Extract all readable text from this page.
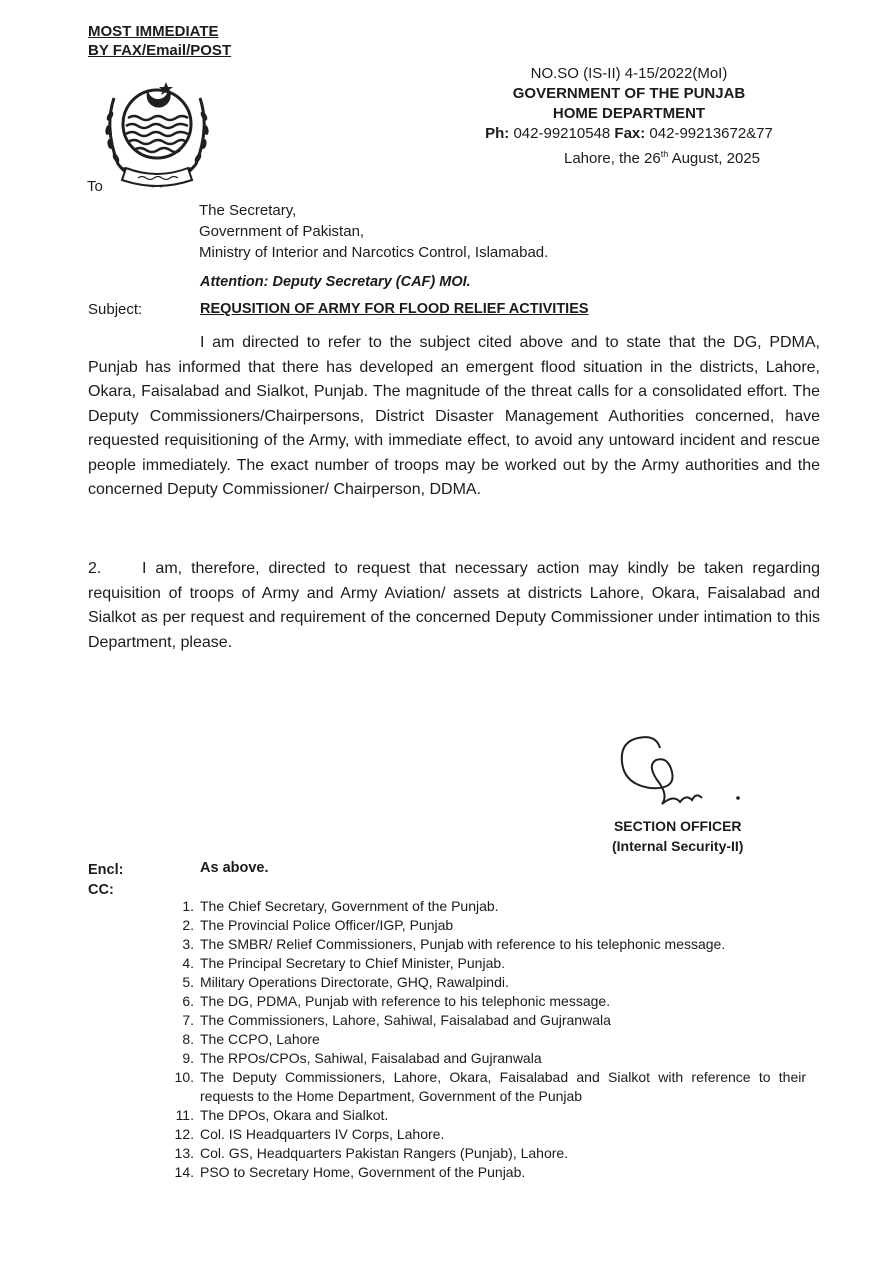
MOST IMMEDIATE
BY FAX/Email/POST
NO.SO (IS-II) 4-15/2022(MoI)
GOVERNMENT OF THE PUNJAB
HOME DEPARTMENT
Ph: 042-99210548 Fax: 042-99213672&77
Lahore, the 26th August, 2025
To
The Secretary,
Government of Pakistan,
Ministry of Interior and Narcotics Control, Islamabad.
Attention: Deputy Secretary (CAF) MOI.
Subject:	REQUSITION OF ARMY FOR FLOOD RELIEF ACTIVITIES
I am directed to refer to the subject cited above and to state that the DG, PDMA, Punjab has informed that there has developed an emergent flood situation in the districts, Lahore, Okara, Faisalabad and Sialkot, Punjab. The magnitude of the threat calls for a consolidated effort. The Deputy Commissioners/Chairpersons, District Disaster Management Authorities concerned, have requested requisitioning of the Army, with immediate effect, to avoid any untoward incident and rescue people immediately. The exact number of troops may be worked out by the Army authorities and the concerned Deputy Commissioner/ Chairperson, DDMA.
2.	I am, therefore, directed to request that necessary action may kindly be taken regarding requisition of troops of Army and Army Aviation/ assets at districts Lahore, Okara, Faisalabad and Sialkot as per request and requirement of the concerned Deputy Commissioner under intimation to this Department, please.
SECTION OFFICER
(Internal Security-II)
Encl:
CC:
As above.
1. The Chief Secretary, Government of the Punjab.
2. The Provincial Police Officer/IGP, Punjab
3. The SMBR/ Relief Commissioners, Punjab with reference to his telephonic message.
4. The Principal Secretary to Chief Minister, Punjab.
5. Military Operations Directorate, GHQ, Rawalpindi.
6. The DG, PDMA, Punjab with reference to his telephonic message.
7. The Commissioners, Lahore, Sahiwal, Faisalabad and Gujranwala
8. The CCPO, Lahore
9. The RPOs/CPOs, Sahiwal, Faisalabad and Gujranwala
10. The Deputy Commissioners, Lahore, Okara, Faisalabad and Sialkot with reference to their requests to the Home Department, Government of the Punjab
11. The DPOs, Okara and Sialkot.
12. Col. IS Headquarters IV Corps, Lahore.
13. Col. GS, Headquarters Pakistan Rangers (Punjab), Lahore.
14. PSO to Secretary Home, Government of the Punjab.
